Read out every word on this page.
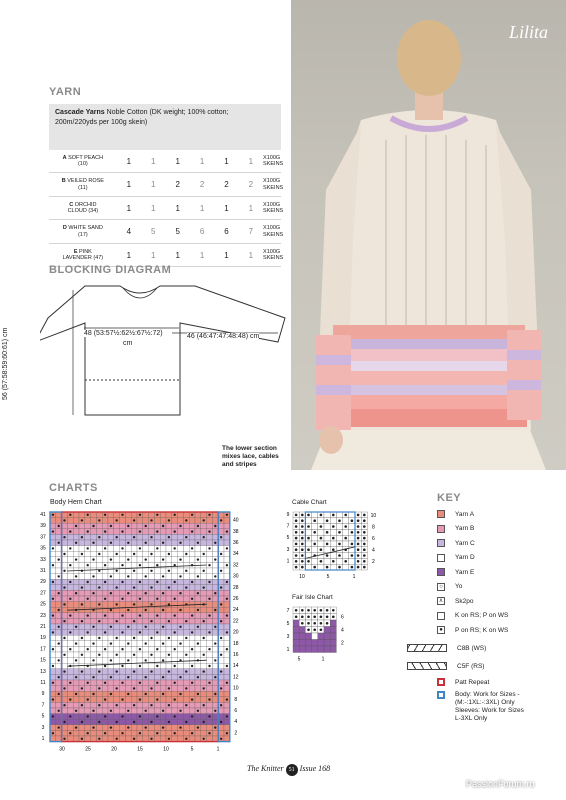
Lilita
YARN
Cascade Yarns Noble Cotton (DK weight; 100% cotton;
200m/220yds per 100g skein)
A SOFT PEACH
(10)	1	1	1	1	1	1	X100G
SKEINS
B VEILED ROSE
(11)	1	1	2	2	2	2	X100G
SKEINS
C ORCHID
CLOUD (34)	1	1	1	1	1	1	X100G
SKEINS
D WHITE SAND
(17)	4	5	5	6	6	7	X100G
SKEINS
E PINK
LAVENDER (47)	1	1	1	1	1	1	X100G
SKEINS
BLOCKING DIAGRAM
48 (53:57½:62½:67½:72)
cm
46 (46:47:47:48:48) cm
56 (57:58:59:60:61) cm
The lower section
mixes lace, cables
and stripes
CHARTS
Body Hem Chart
41
39
37
35
33
31
29
27
25
23
21
19
17
15
13
11
9
7
5
3
1
40
38
36
34
32
30
28
26
24
22
20
18
16
14
12
10
8
6
4
2
30	25	20	15	10	5	1
Cable Chart
9
7
5
3
1
10
8
6
4
2
10	5	1
Fair Isle Chart
7
5
3
1
6
4
2
5	1
KEY
Yarn A
Yarn B
Yarn C
Yarn D
Yarn E
○	Yo
ʌ	Sk2po
K on RS; P on WS
●	P on RS; K on WS
C8B (WS)
C5F (RS)
Patt Repeat
Body: Work for Sizes -
(M:-:1XL:-:3XL) Only
Sleeves: Work for Sizes
L-3XL Only
The Knitter 51 Issue 168
PassionForum.ru
